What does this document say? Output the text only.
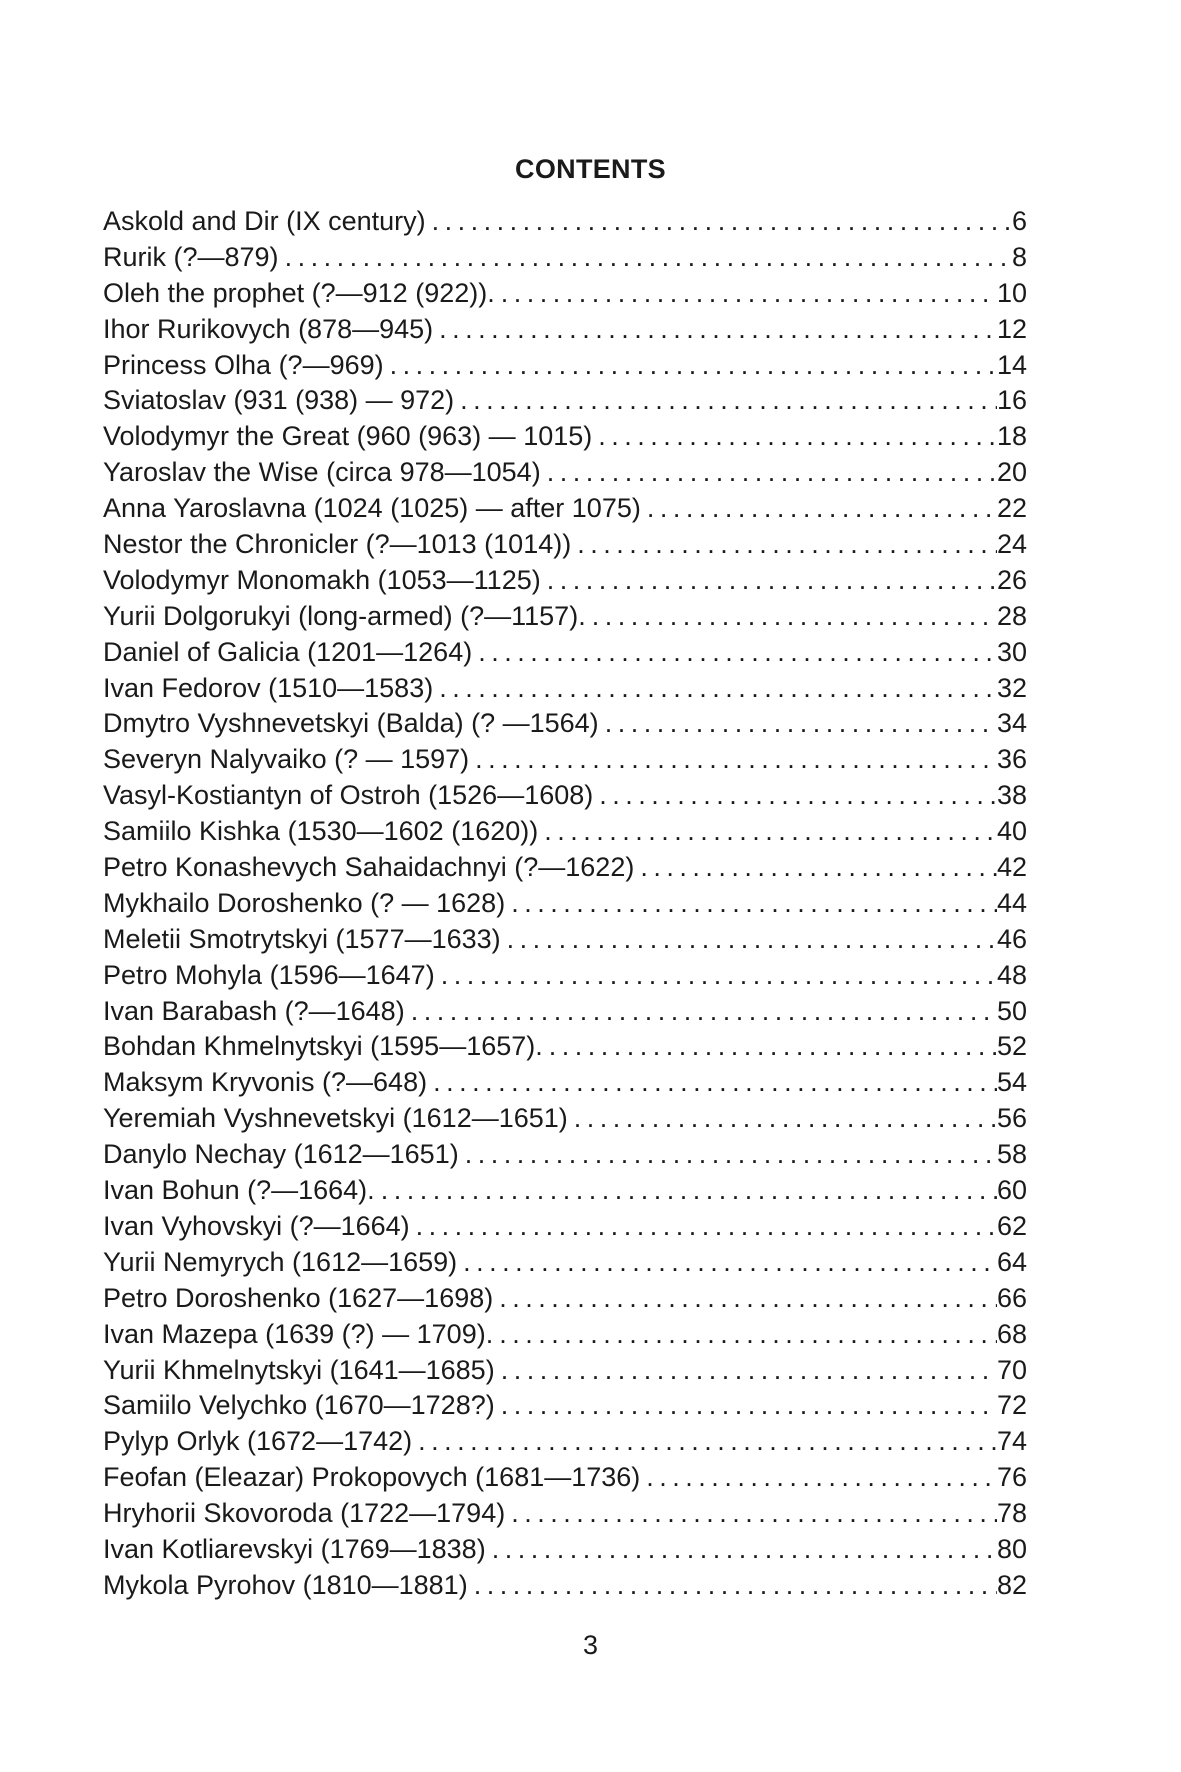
CONTENTS
Askold and Dir (IX century) . . .	6
Rurik (?—879) . . .	8
Oleh the prophet (?—912 (922)). . . .	10
Ihor Rurikovych (878—945) . . .	12
Princess Olha (?—969) . . .	14
Sviatoslav (931 (938) — 972) . . .	16
Volodymyr the Great (960 (963) — 1015) . . .	18
Yaroslav the Wise (circa 978—1054) . . .	20
Anna Yaroslavna (1024 (1025) — after 1075) . . .	22
Nestor the Chronicler (?—1013 (1014)) . . .	24
Volodymyr Monomakh (1053—1125) . . .	26
Yurii Dolgorukyi (long-armed) (?—1157). . . .	28
Daniel of Galicia (1201—1264) . . .	30
Ivan Fedorov (1510—1583) . . .	32
Dmytro Vyshnevetskyi (Balda) (? —1564) . . .	34
Severyn Nalyvaiko (? — 1597) . . .	36
Vasyl-Kostiantyn of Ostroh (1526—1608) . . .	38
Samiilo Kishka (1530—1602 (1620)) . . .	40
Petro Konashevych Sahaidachnyi (?—1622) . . .	42
Mykhailo Doroshenko (? — 1628) . . .	44
Meletii Smotrytskyi (1577—1633) . . .	46
Petro Mohyla (1596—1647) . . .	48
Ivan Barabash (?—1648) . . .	50
Bohdan Khmelnytskyi (1595—1657). . . .	52
Maksym Kryvonis (?—648) . . .	54
Yeremiah Vyshnevetskyi (1612—1651) . . .	56
Danylo Nechay (1612—1651) . . .	58
Ivan Bohun (?—1664). . . .	60
Ivan Vyhovskyi (?—1664) . . .	62
Yurii Nemyrych (1612—1659) . . .	64
Petro Doroshenko (1627—1698) . . .	66
Ivan Mazepa (1639 (?) — 1709). . . .	68
Yurii Khmelnytskyi (1641—1685) . . .	70
Samiilo Velychko (1670—1728?) . . .	72
Pylyp Orlyk (1672—1742) . . .	74
Feofan (Eleazar) Prokopovych (1681—1736) . . .	76
Hryhorii Skovoroda (1722—1794) . . .	78
Ivan Kotliarevskyi (1769—1838) . . .	80
Mykola Pyrohov (1810—1881) . . .	82
3
